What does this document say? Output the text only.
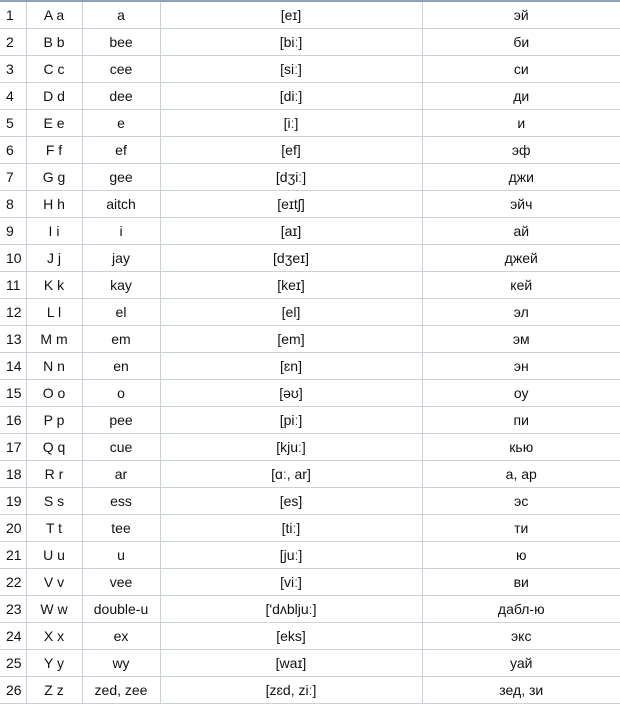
1	A a	a	[eɪ]	эй
2	B b	bee	[biː]	би
3	C c	cee	[siː]	си
4	D d	dee	[diː]	ди
5	E e	e	[iː]	и
6	F f	ef	[ef]	эф
7	G g	gee	[dʒiː]	джи
8	H h	aitch	[eɪtʃ]	эйч
9	I i	i	[aɪ]	ай
10	J j	jay	[dʒeɪ]	джей
11	K k	kay	[keɪ]	кей
12	L l	el	[el]	эл
13	M m	em	[em]	эм
14	N n	en	[ɛn]	эн
15	O o	o	[əʊ]	оу
16	P p	pee	[piː]	пи
17	Q q	cue	[kjuː]	кью
18	R r	ar	[ɑː, ar]	а, ар
19	S s	ess	[es]	эс
20	T t	tee	[tiː]	ти
21	U u	u	[juː]	ю
22	V v	vee	[viː]	ви
23	W w	double-u	['dʌbljuː]	дабл-ю
24	X x	ex	[eks]	экс
25	Y y	wy	[waɪ]	уай
26	Z z	zed, zee	[zɛd, ziː]	зед, зи
